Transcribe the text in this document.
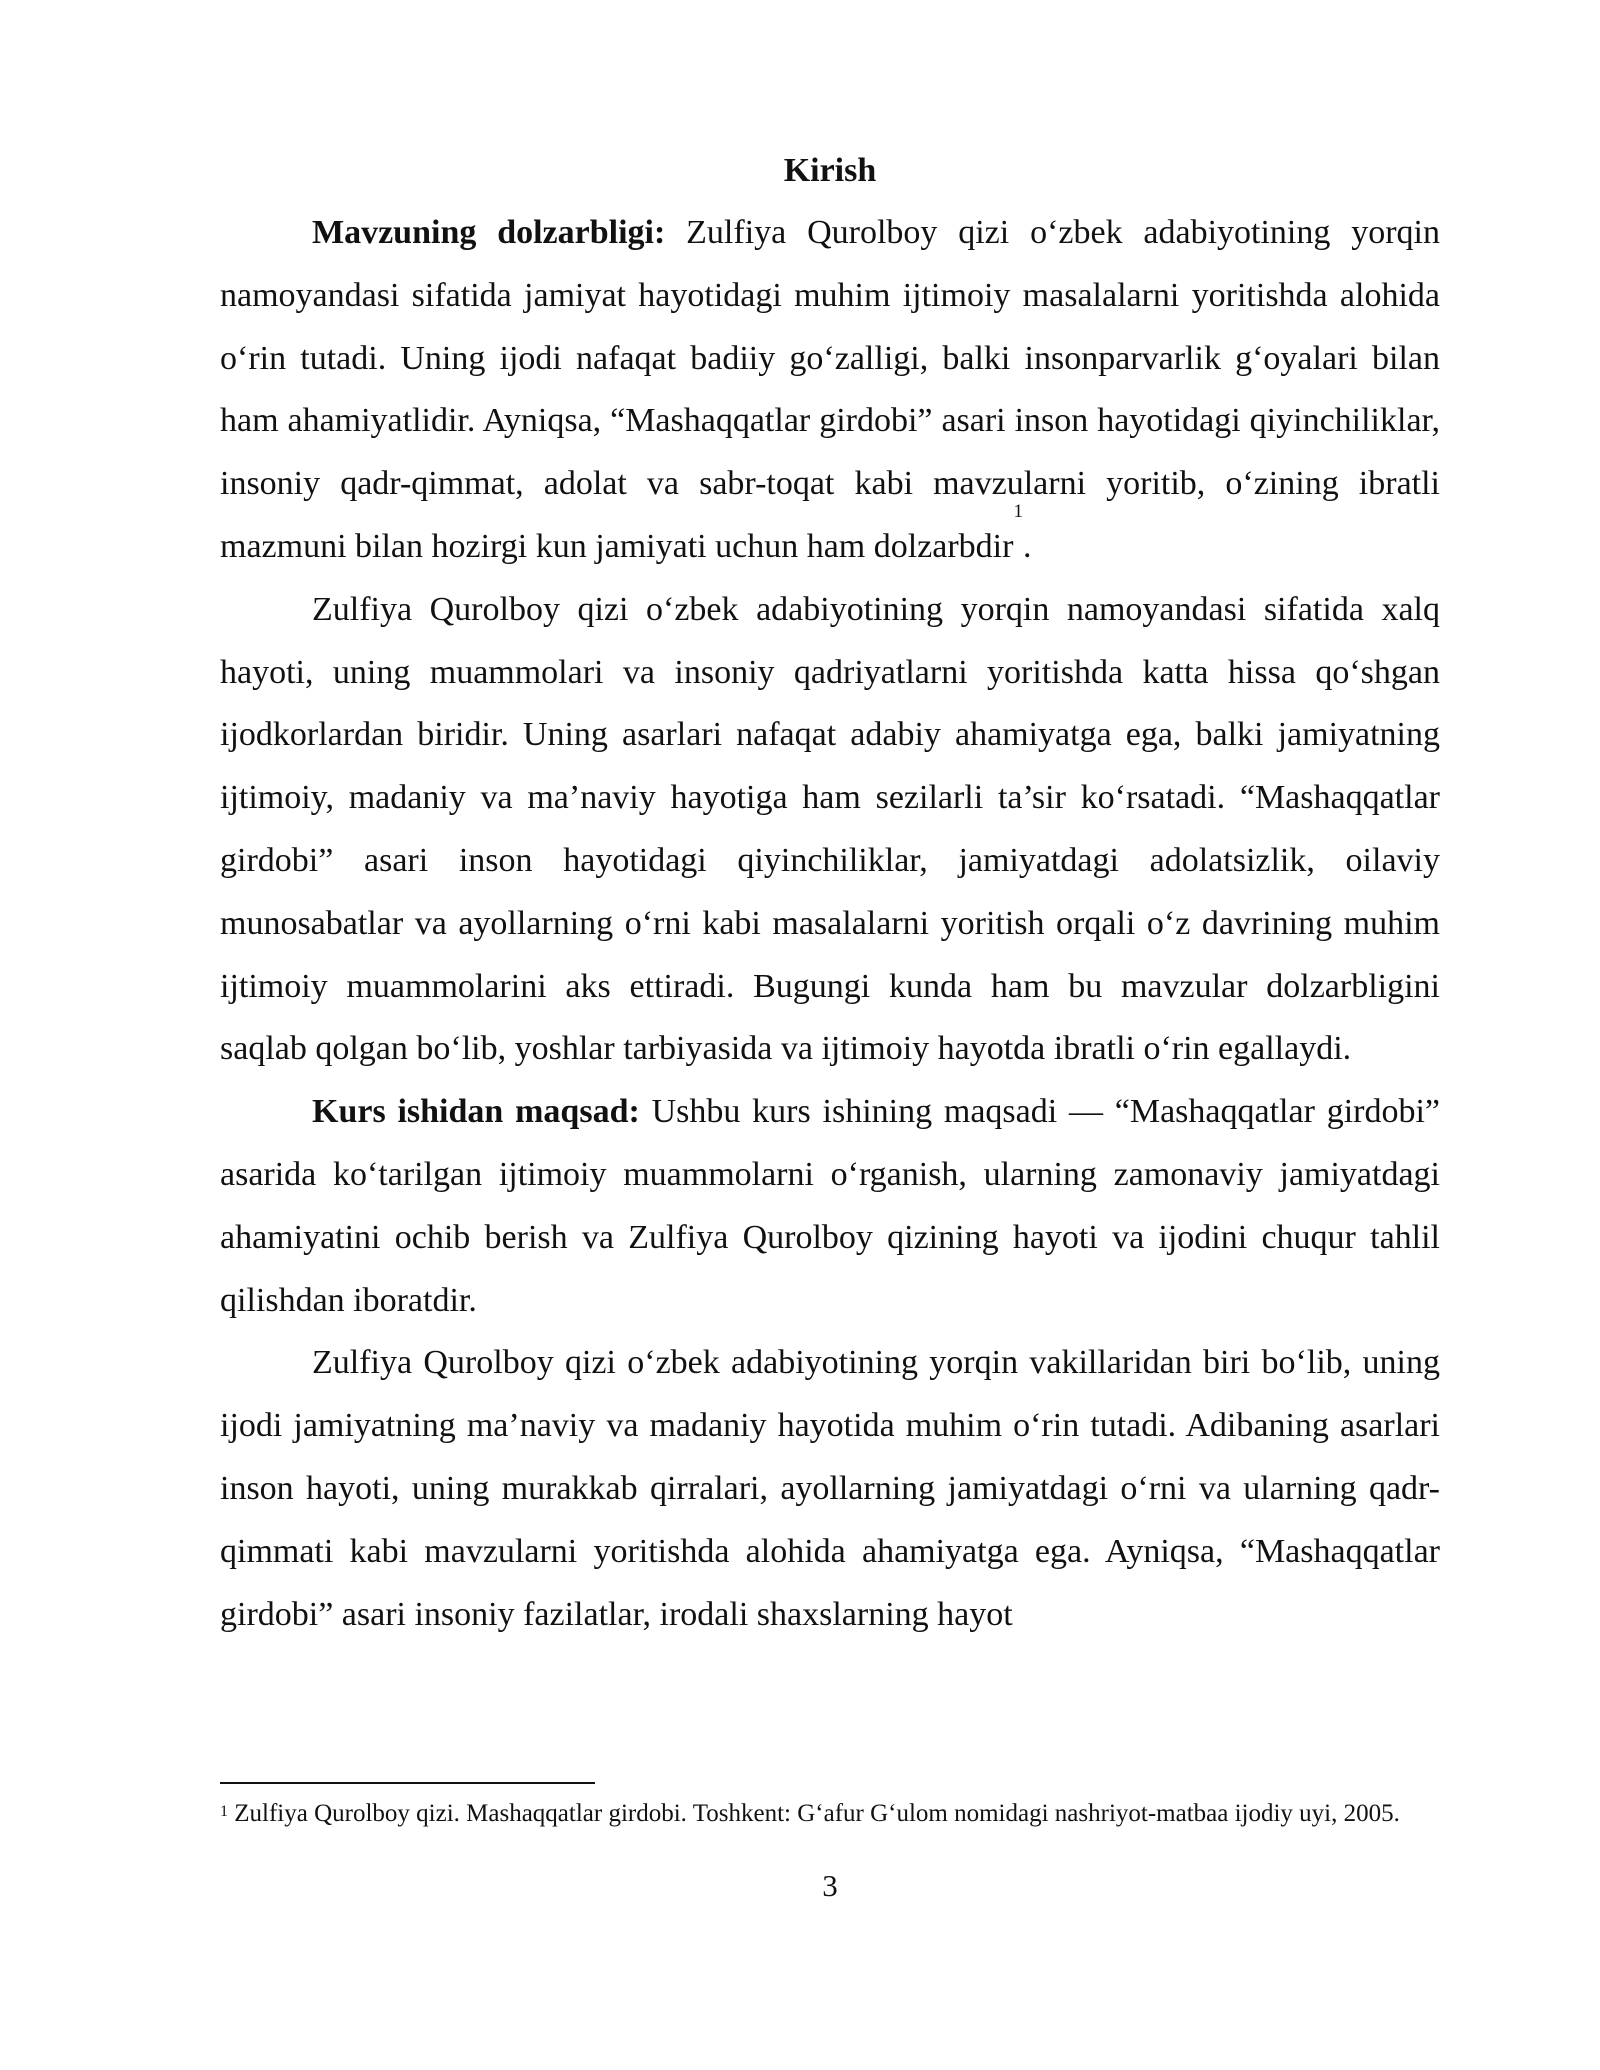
Kirish

Mavzuning dolzarbligi: Zulfiya Qurolboy qizi oʻzbek adabiyotining yorqin namoyandasi sifatida jamiyat hayotidagi muhim ijtimoiy masalalarni yoritishda alohida oʻrin tutadi. Uning ijodi nafaqat badiiy goʻzalligi, balki insonparvarlik gʻoyalari bilan ham ahamiyatlidir. Ayniqsa, “Mashaqqatlar girdobi” asari inson hayotidagi qiyinchiliklar, insoniy qadr-qimmat, adolat va sabr-toqat kabi mavzularni yoritib, oʻzining ibratli mazmuni bilan hozirgi kun jamiyati uchun ham dolzarbdir$^1$.

Zulfiya Qurolboy qizi oʻzbek adabiyotining yorqin namoyandasi sifatida xalq hayoti, uning muammolari va insoniy qadriyatlarni yoritishda katta hissa qoʻshgan ijodkorlardan biridir. Uning asarlari nafaqat adabiy ahamiyatga ega, balki jamiyatning ijtimoiy, madaniy va ma’naviy hayotiga ham sezilarli ta’sir koʻrsatadi. “Mashaqqatlar girdobi” asari inson hayotidagi qiyinchiliklar, jamiyatdagi adolatsizlik, oilaviy munosabatlar va ayollarning oʻrni kabi masalalarni yoritish orqali oʻz davrining muhim ijtimoiy muammolarini aks ettiradi. Bugungi kunda ham bu mavzular dolzarbligini saqlab qolgan boʻlib, yoshlar tarbiyasida va ijtimoiy hayotda ibratli oʻrin egallaydi.

Kurs ishidan maqsad: Ushbu kurs ishining maqsadi — “Mashaqqatlar girdobi” asarida koʻtarilgan ijtimoiy muammolarni oʻrganish, ularning zamonaviy jamiyatdagi ahamiyatini ochib berish va Zulfiya Qurolboy qizining hayoti va ijodini chuqur tahlil qilishdan iboratdir.

Zulfiya Qurolboy qizi oʻzbek adabiyotining yorqin vakillaridan biri boʻlib, uning ijodi jamiyatning ma’naviy va madaniy hayotida muhim oʻrin tutadi. Adibaning asarlari inson hayoti, uning murakkab qirralari, ayollarning jamiyatdagi oʻrni va ularning qadr-qimmati kabi mavzularni yoritishda alohida ahamiyatga ega. Ayniqsa, “Mashaqqatlar girdobi” asari insoniy fazilatlar, irodali shaxslarning hayot

$^1$ Zulfiya Qurolboy qizi. Mashaqqatlar girdobi. Toshkent: Gʻafur Gʻulom nomidagi nashriyot-matbaa ijodiy uyi, 2005.

3
